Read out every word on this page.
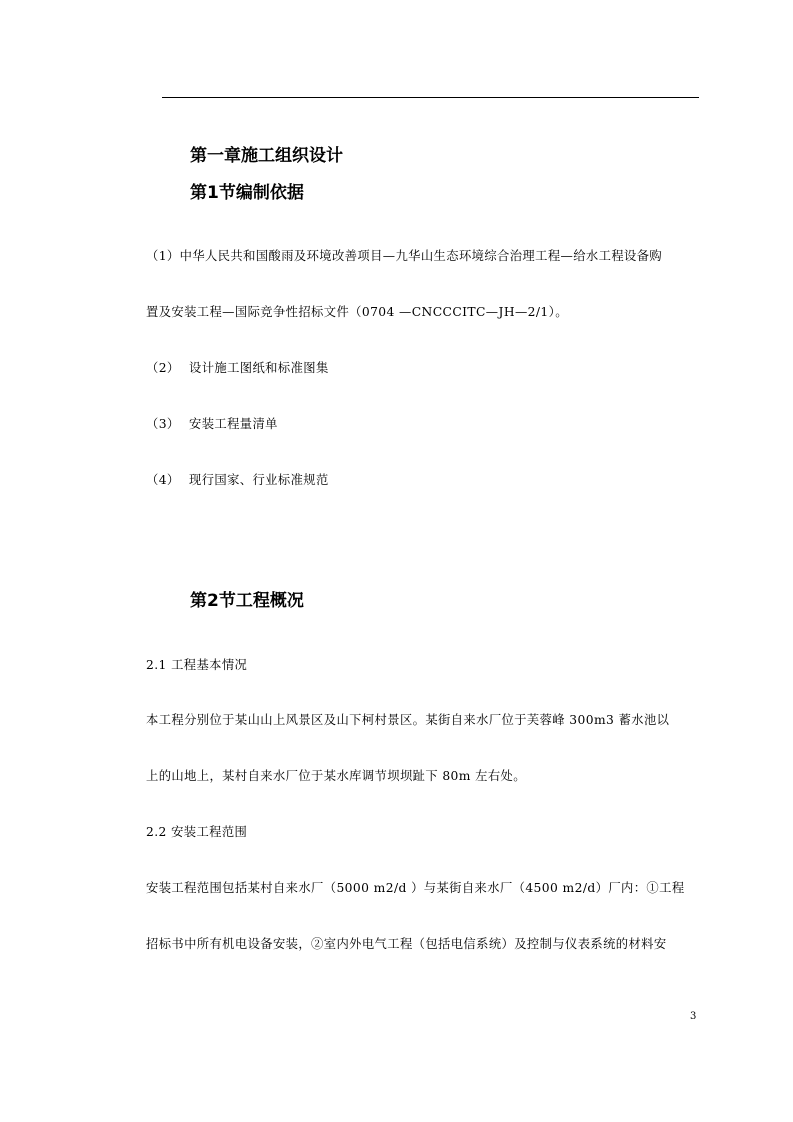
第一章施工组织设计
第1节编制依据
（1）中华人民共和国酸雨及环境改善项目—九华山生态环境综合治理工程—给水工程设备购
置及安装工程—国际竞争性招标文件（0704 —CNCCCITC—JH—2/1）。
（2） 设计施工图纸和标准图集
（3） 安装工程量清单
（4） 现行国家、行业标准规范
第2节工程概况
2.1 工程基本情况
本工程分别位于某山山上风景区及山下柯村景区。某街自来水厂位于芙蓉峰 300m3 蓄水池以
上的山地上，某村自来水厂位于某水库调节坝坝趾下 80m 左右处。
2.2 安装工程范围
安装工程范围包括某村自来水厂（5000 m2/d ）与某街自来水厂（4500 m2/d）厂内：①工程
招标书中所有机电设备安装，②室内外电气工程（包括电信系统）及控制与仪表系统的材料安
3
